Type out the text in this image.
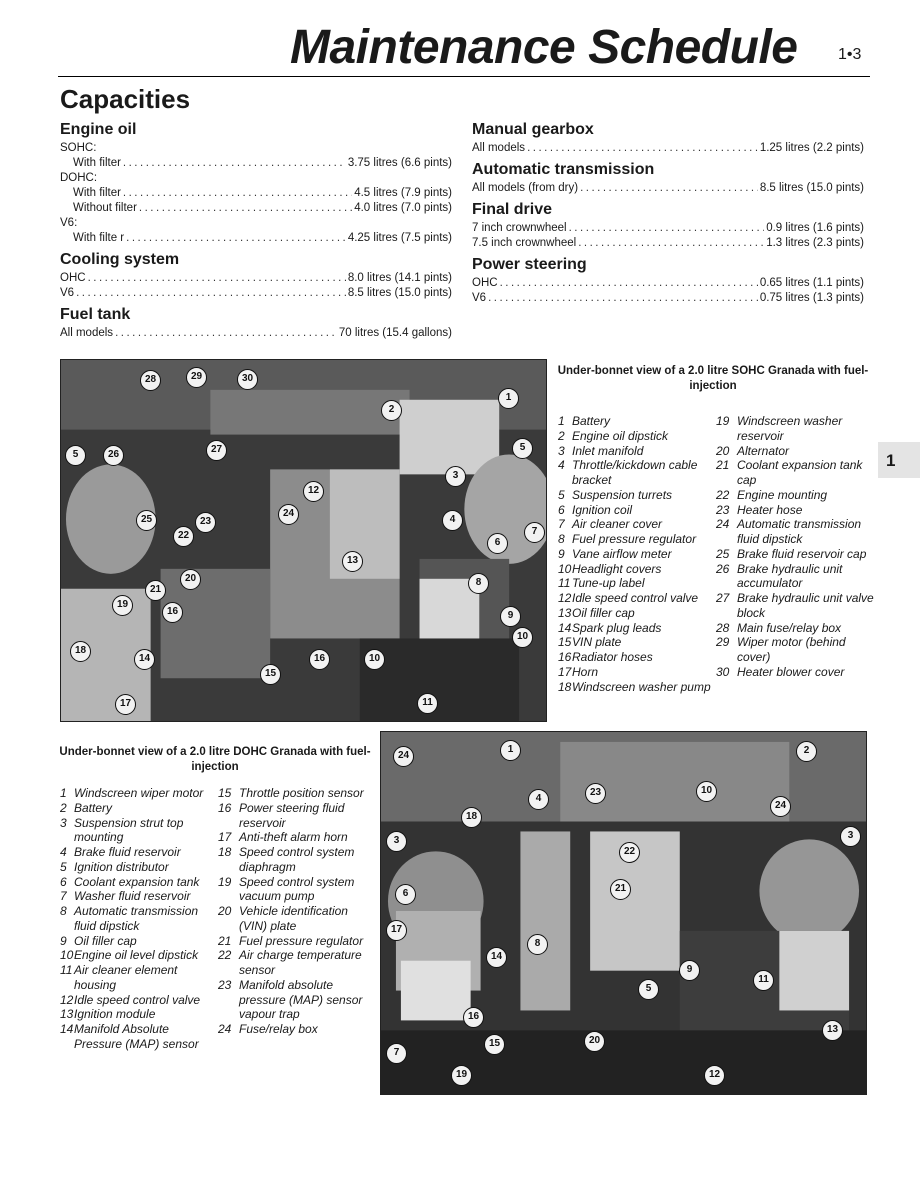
Maintenance Schedule	1•3
Capacities
Engine oil
SOHC:
With filter .....	3.75 litres (6.6 pints)
DOHC:
With filter .....	4.5 litres (7.9 pints)
Without filter .....	4.0 litres (7.0 pints)
V6:
With filte r .....	4.25 litres (7.5 pints)
Cooling system
OHC .....	8.0 litres (14.1 pints)
V6 .....	8.5 litres (15.0 pints)
Fuel tank
All models .....	70 litres (15.4 gallons)
Manual gearbox
All models .....	1.25 litres (2.2 pints)
Automatic transmission
All models (from dry) .....	8.5 litres (15.0 pints)
Final drive
7 inch crownwheel .....	0.9 litres (1.6 pints)
7.5 inch crownwheel .....	1.3 litres (2.3 pints)
Power steering
OHC .....	0.65 litres (1.1 pints)
V6 .....	0.75 litres (1.3 pints)
1
Under-bonnet view of a 2.0 litre SOHC Granada with fuel-injection
Under-bonnet view of a 2.0 litre DOHC Granada with fuel-injection
1 Battery
2 Engine oil dipstick
3 Inlet manifold
4 Throttle/kickdown cable bracket
5 Suspension turrets
6 Ignition coil
7 Air cleaner cover
8 Fuel pressure regulator
9 Vane airflow meter
10 Headlight covers
11 Tune-up label
12 Idle speed control valve
13 Oil filler cap
14 Spark plug leads
15 VIN plate
16 Radiator hoses
17 Horn
18 Windscreen washer pump
19 Windscreen washer reservoir
20 Alternator
21 Coolant expansion tank cap
22 Engine mounting
23 Heater hose
24 Automatic transmission fluid dipstick
25 Brake fluid reservoir cap
26 Brake hydraulic unit accumulator
27 Brake hydraulic unit valve block
28 Main fuse/relay box
29 Wiper motor (behind cover)
30 Heater blower cover
1 Windscreen wiper motor
2 Battery
3 Suspension strut top mounting
4 Brake fluid reservoir
5 Ignition distributor
6 Coolant expansion tank
7 Washer fluid reservoir
8 Automatic transmission fluid dipstick
9 Oil filler cap
10 Engine oil level dipstick
11 Air cleaner element housing
12 Idle speed control valve
13 Ignition module
14 Manifold Absolute Pressure (MAP) sensor
15 Throttle position sensor
16 Power steering fluid reservoir
17 Anti-theft alarm horn
18 Speed control system diaphragm
19 Speed control system vacuum pump
20 Vehicle identification (VIN) plate
21 Fuel pressure regulator
22 Air charge temperature sensor
23 Manifold absolute pressure (MAP) sensor vapour trap
24 Fuse/relay box
28	29	30
1
2
5
26	27
3
5
12
24
4
6
7
25	23
22
13
20
21
8
19
16	9
10
18
14	16	10
15
17	11
24
1	2
4
23	10
18
24
3	3
22
21
6
17
8
14
9
11
5
16
15	20
7
19	12
13
